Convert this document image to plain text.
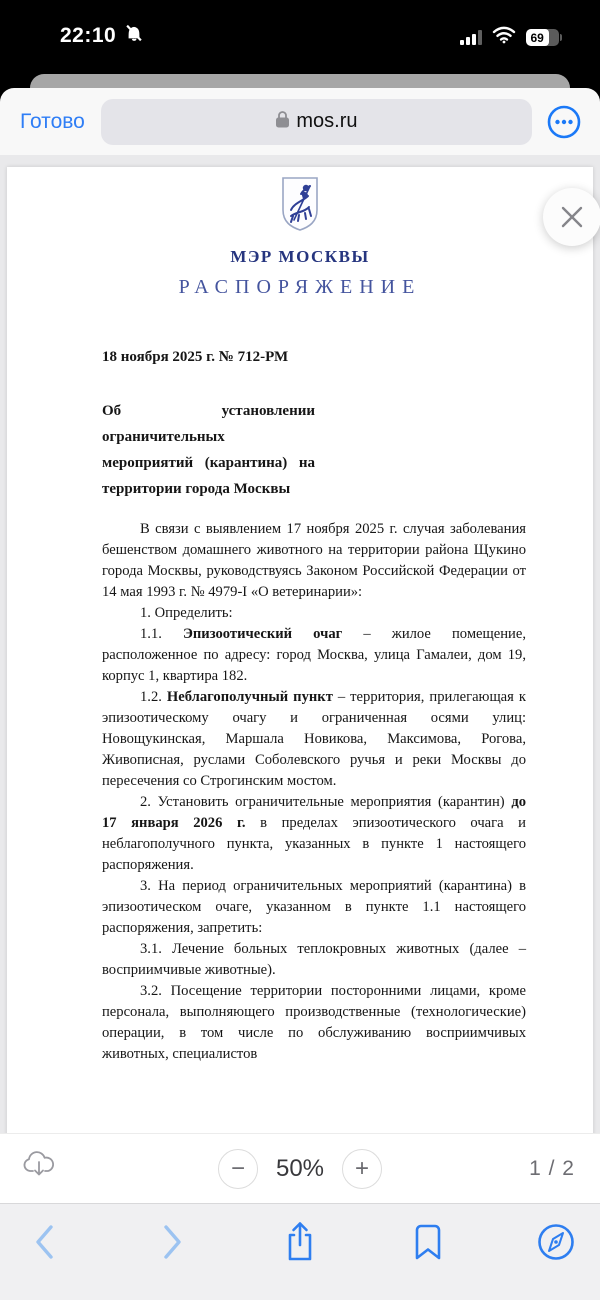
22:10	69
Готово	mos.ru
МЭР МОСКВЫ
РАСПОРЯЖЕНИЕ
18 ноября 2025 г. № 712-РМ
Об установлении ограничительных
мероприятий (карантина) на
территории города Москвы

В связи с выявлением 17 ноября 2025 г. случая заболевания бешенством домашнего животного на территории района Щукино города Москвы, руководствуясь Законом Российской Федерации от 14 мая 1993 г. № 4979-I «О ветеринарии»:

1. Определить:

1.1. Эпизоотический очаг – жилое помещение, расположенное по адресу: город Москва, улица Гамалеи, дом 19, корпус 1, квартира 182.

1.2. Неблагополучный пункт – территория, прилегающая к эпизоотическому очагу и ограниченная осями улиц: Новощукинская, Маршала Новикова, Максимова, Рогова, Живописная, руслами Соболевского ручья и реки Москвы до пересечения со Строгинским мостом.

2. Установить ограничительные мероприятия (карантин) до 17 января 2026 г. в пределах эпизоотического очага и неблагополучного пункта, указанных в пункте 1 настоящего распоряжения.

3. На период ограничительных мероприятий (карантина) в эпизоотическом очаге, указанном в пункте 1.1 настоящего распоряжения, запретить:

3.1. Лечение больных теплокровных животных (далее – восприимчивые животные).

3.2. Посещение территории посторонними лицами, кроме персонала, выполняющего производственные (технологические) операции, в том числе по обслуживанию восприимчивых животных, специалистов

−	50%	+	1 / 2
